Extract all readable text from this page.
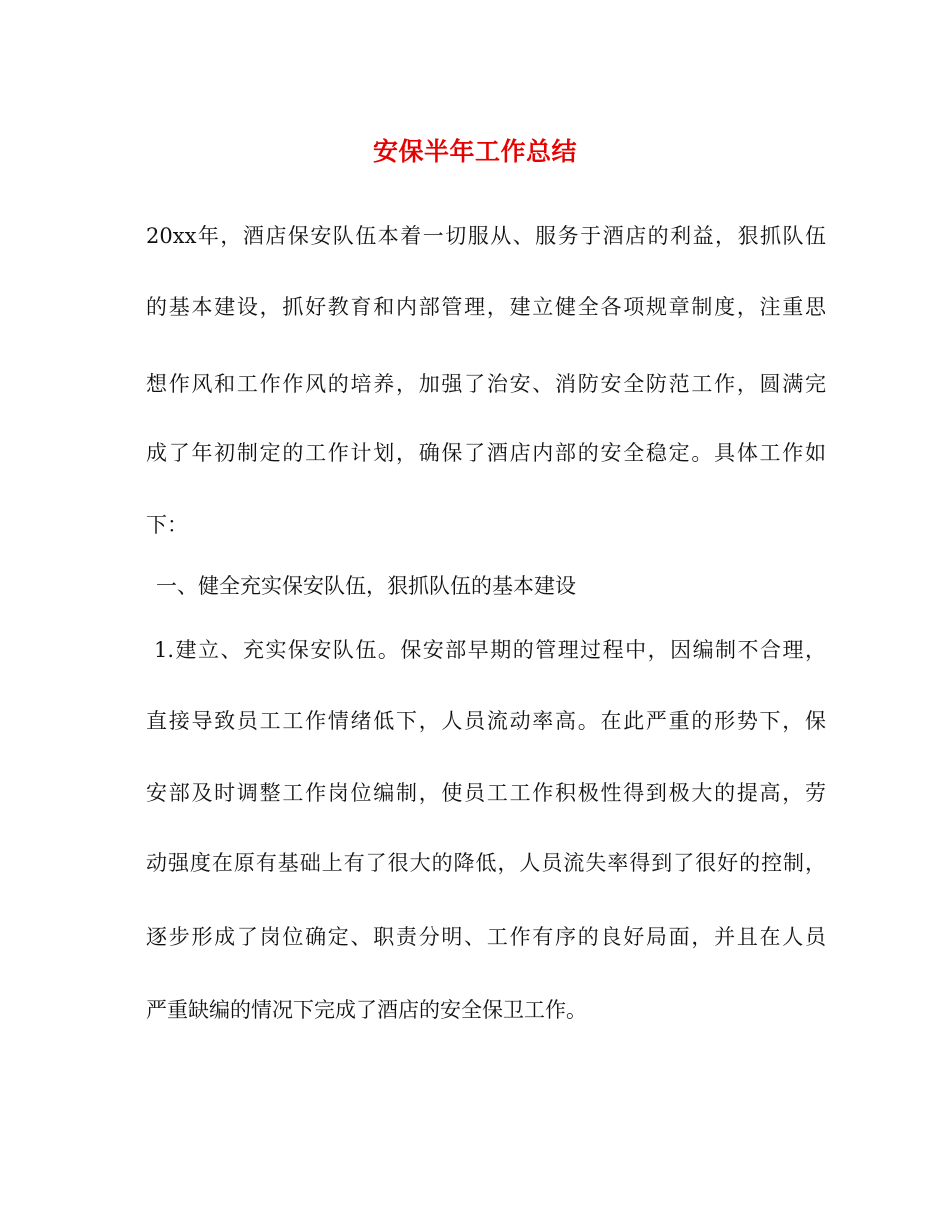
安保半年工作总结
20xx年，酒店保安队伍本着一切服从、服务于酒店的利益，狠抓队伍
的基本建设，抓好教育和内部管理，建立健全各项规章制度，注重思
想作风和工作作风的培养，加强了治安、消防安全防范工作，圆满完
成了年初制定的工作计划，确保了酒店内部的安全稳定。具体工作如
下：
一、健全充实保安队伍，狠抓队伍的基本建设
1.建立、充实保安队伍。保安部早期的管理过程中，因编制不合理，
直接导致员工工作情绪低下，人员流动率高。在此严重的形势下，保
安部及时调整工作岗位编制，使员工工作积极性得到极大的提高，劳
动强度在原有基础上有了很大的降低，人员流失率得到了很好的控制，
逐步形成了岗位确定、职责分明、工作有序的良好局面，并且在人员
严重缺编的情况下完成了酒店的安全保卫工作。
